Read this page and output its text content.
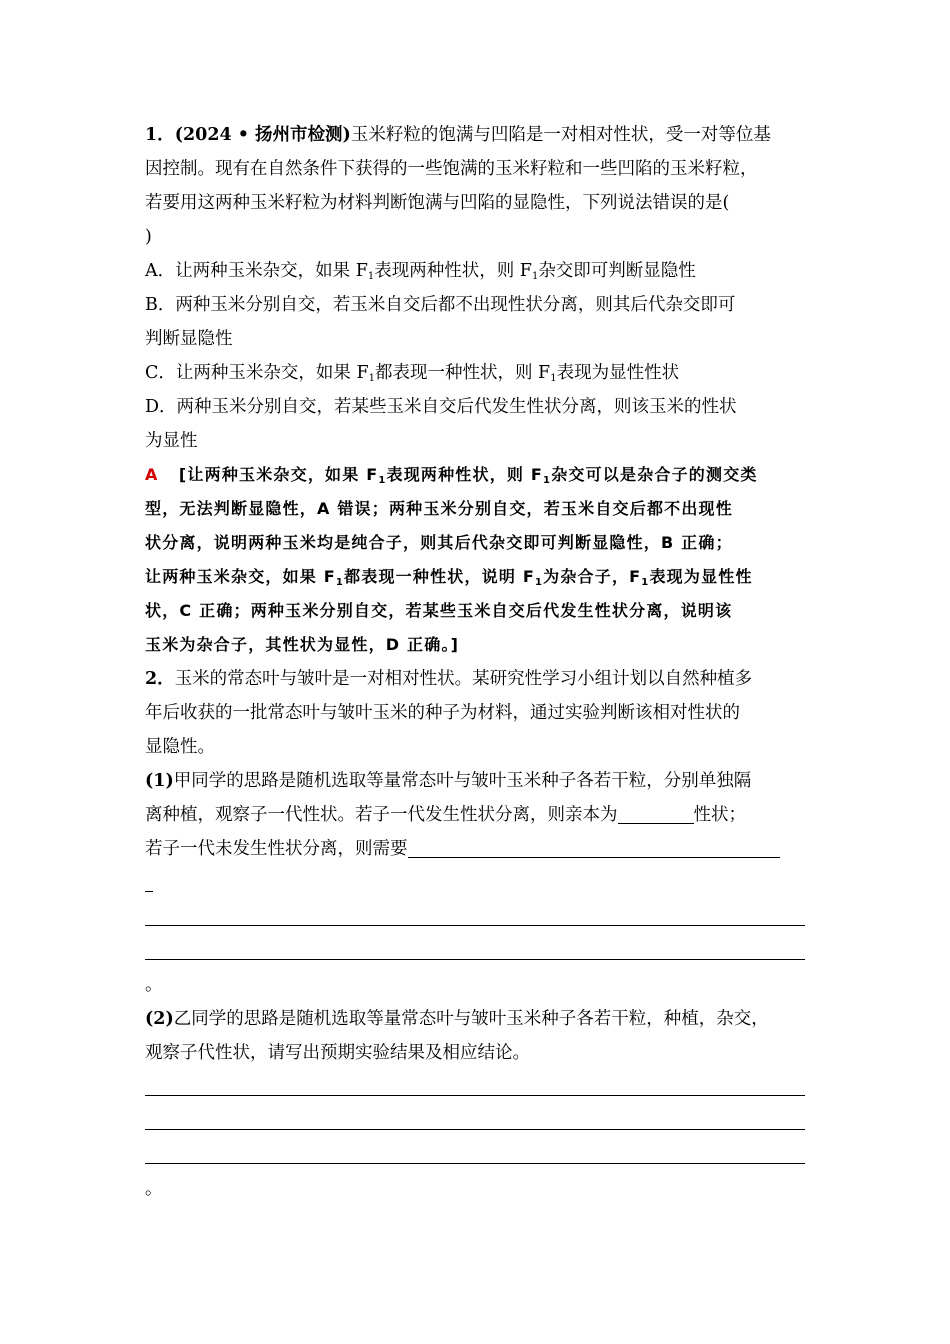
1．(2024 • 扬州市检测)玉米籽粒的饱满与凹陷是一对相对性状，受一对等位基
因控制。现有在自然条件下获得的一些饱满的玉米籽粒和一些凹陷的玉米籽粒，
若要用这两种玉米籽粒为材料判断饱满与凹陷的显隐性，下列说法错误的是(
)
A．让两种玉米杂交，如果 $F_1$表现两种性状，则 $F_1$杂交即可判断显隐性
B．两种玉米分别自交，若玉米自交后都不出现性状分离，则其后代杂交即可
判断显隐性
C．让两种玉米杂交，如果 $F_1$都表现一种性状，则 $F_1$表现为显性性状
D．两种玉米分别自交，若某些玉米自交后代发生性状分离，则该玉米的性状
为显性
A [让两种玉米杂交，如果 $F_1$表现两种性状，则 $F_1$杂交可以是杂合子的测交类
型，无法判断显隐性，A 错误；两种玉米分别自交，若玉米自交后都不出现性
状分离，说明两种玉米均是纯合子，则其后代杂交即可判断显隐性，B 正确；
让两种玉米杂交，如果 $F_1$都表现一种性状，说明 $F_1$为杂合子，$F_1$表现为显性性
状，C 正确；两种玉米分别自交，若某些玉米自交后代发生性状分离，说明该
玉米为杂合子，其性状为显性，D 正确。]
2．玉米的常态叶与皱叶是一对相对性状。某研究性学习小组计划以自然种植多
年后收获的一批常态叶与皱叶玉米的种子为材料，通过实验判断该相对性状的
显隐性。
(1)甲同学的思路是随机选取等量常态叶与皱叶玉米种子各若干粒，分别单独隔
离种植，观察子一代性状。若子一代发生性状分离，则亲本为	性状；
若子一代未发生性状分离，则需要
。
(2)乙同学的思路是随机选取等量常态叶与皱叶玉米种子各若干粒，种植，杂交，
观察子代性状，请写出预期实验结果及相应结论。
。
